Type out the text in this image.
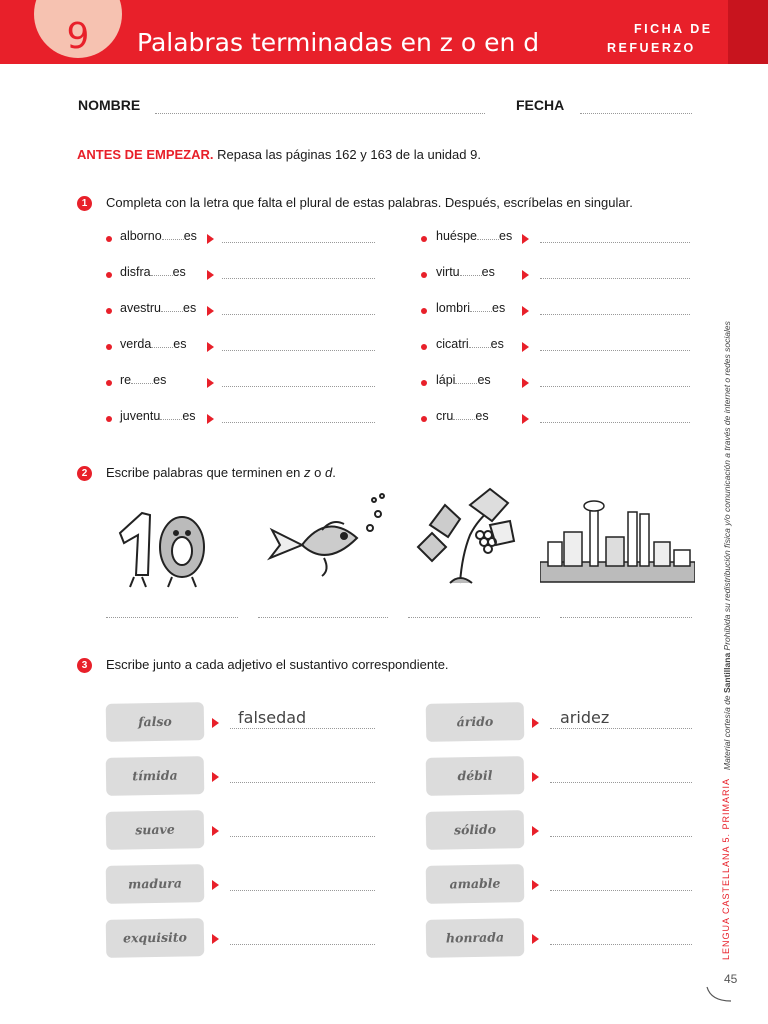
9	Palabras terminadas en z o en d	FICHA DE
REFUERZO
NOMBRE	FECHA
ANTES DE EMPEZAR. Repasa las páginas 162 y 163 de la unidad 9.
1	Completa con la letra que falta el plural de estas palabras. Después, escríbelas en singular.
alborno es
disfra es
avestru es
verda es
re es
juventu es
huéspe es
virtu es
lombri es
cicatri es
lápi es
cru es
2	Escribe palabras que terminen en z o d.
3	Escribe junto a cada adjetivo el sustantivo correspondiente.
falso	falsedad
tímida
suave
madura
exquisito
árido	aridez
débil
sólido
amable
honrada
Material cortesía de Santillana Prohibida su redistribución física y/o comunicación a través de internet o redes sociales
LENGUA CASTELLANA 5. PRIMARIA
45
